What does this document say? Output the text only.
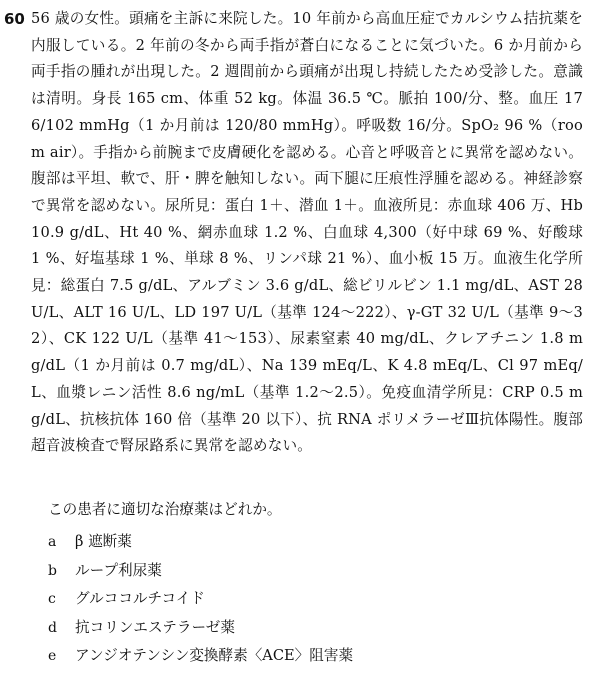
60 56 歳の女性。頭痛を主訴に来院した。10 年前から高血圧症でカルシウム拮抗薬を内服している。2 年前の冬から両手指が蒼白になることに気づいた。6 か月前から両手指の腫れが出現した。2 週間前から頭痛が出現し持続したため受診した。意識は清明。身長 165 cm、体重 52 kg。体温 36.5 ℃。脈拍 100/分、整。血圧 176/102 mmHg（1 か月前は 120/80 mmHg）。呼吸数 16/分。SpO₂ 96 %（room air）。手指から前腕まで皮膚硬化を認める。心音と呼吸音とに異常を認めない。腹部は平坦、軟で、肝・脾を触知しない。両下腿に圧痕性浮腫を認める。神経診察で異常を認めない。尿所見：蛋白 1＋、潜血 1＋。血液所見：赤血球 406 万、Hb 10.9 g/dL、Ht 40 %、網赤血球 1.2 %、白血球 4,300（好中球 69 %、好酸球 1 %、好塩基球 1 %、単球 8 %、リンパ球 21 %）、血小板 15 万。血液生化学所見：総蛋白 7.5 g/dL、アルブミン 3.6 g/dL、総ビリルビン 1.1 mg/dL、AST 28 U/L、ALT 16 U/L、LD 197 U/L（基準 124～222）、γ-GT 32 U/L（基準 9～32）、CK 122 U/L（基準 41～153）、尿素窒素 40 mg/dL、クレアチニン 1.8 mg/dL（1 か月前は 0.7 mg/dL）、Na 139 mEq/L、K 4.8 mEq/L、Cl 97 mEq/L、血漿レニン活性 8.6 ng/mL（基準 1.2～2.5）。免疫血清学所見：CRP 0.5 mg/dL、抗核抗体 160 倍（基準 20 以下）、抗 RNA ポリメラーゼⅢ抗体陽性。腹部超音波検査で腎尿路系に異常を認めない。

この患者に適切な治療薬はどれか。
a	β 遮断薬
b	ループ利尿薬
c	グルココルチコイド
d	抗コリンエステラーゼ薬
e	アンジオテンシン変換酵素〈ACE〉阻害薬
